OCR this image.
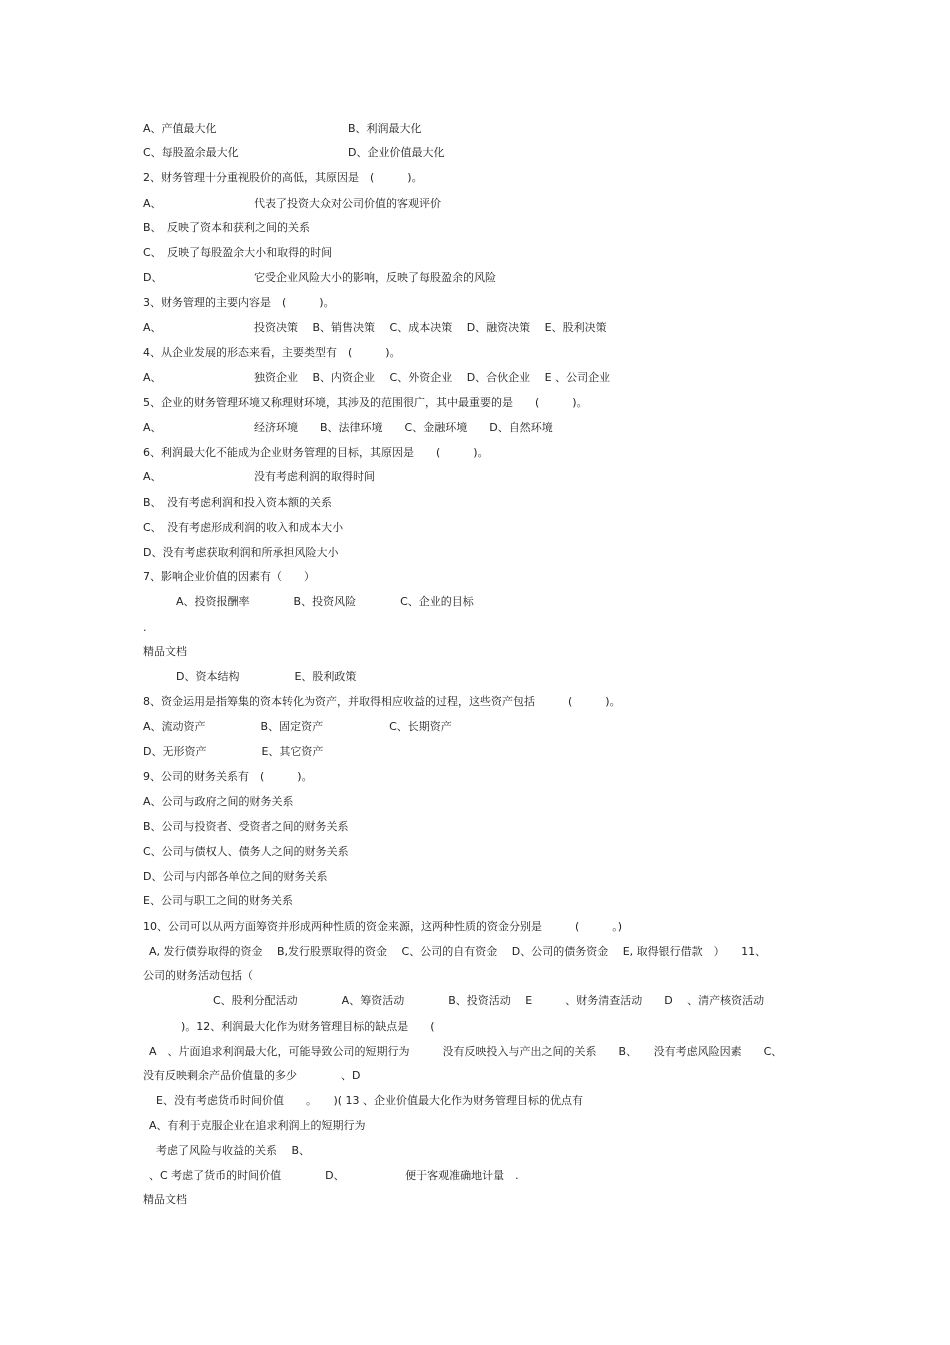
A、产值最大化	B、利润最大化
C、每股盈余最大化	D、企业价值最大化
2、财务管理十分重视股价的高低，其原因是　(　　　)。
A、	代表了投资大众对公司价值的客观评价
B、　反映了资本和获利之间的关系
C、　反映了每股盈余大小和取得的时间
D、	它受企业风险大小的影响，反映了每股盈余的风险
3、财务管理的主要内容是　(　　　)。
A、	投资决策　 B、销售决策　 C、成本决策　 D、融资决策　 E、股利决策
4、从企业发展的形态来看，主要类型有　(　　　)。
A、	独资企业　 B、内资企业　 C、外资企业　 D、合伙企业　 E 、公司企业
5、企业的财务管理环境又称理财环境，其涉及的范围很广，其中最重要的是　　(　　　)。
A、	经济环境　　B、法律环境　　C、金融环境　　D、自然环境
6、利润最大化不能成为企业财务管理的目标，其原因是　　(　　　)。
A、	没有考虑利润的取得时间
B、　没有考虑利润和投入资本额的关系
C、　没有考虑形成利润的收入和成本大小
D、没有考虑获取利润和所承担风险大小
7、影响企业价值的因素有（　　）
A、投资报酬率　　　　B、投资风险　　　　C、企业的目标
.
精品文档
D、资本结构　　　　　E、股利政策
8、资金运用是指筹集的资本转化为资产，并取得相应收益的过程，这些资产包括　　　(　　　)。
A、流动资产　　　　　B、固定资产　　　　　　C、长期资产
D、无形资产　　　　　E、其它资产
9、公司的财务关系有　(　　　)。
A、公司与政府之间的财务关系
B、公司与投资者、受资者之间的财务关系
C、公司与债权人、债务人之间的财务关系
D、公司与内部各单位之间的财务关系
E、公司与职工之间的财务关系
10、公司可以从两方面筹资并形成两种性质的资金来源，这两种性质的资金分别是　　　(　　　。)
A, 发行债券取得的资金　 B,发行股票取得的资金　 C、公司的自有资金　 D、公司的债务资金　 E, 取得银行借款　）　　11、
公司的财务活动包括（
C、股利分配活动　　　　A、筹资活动　　　　B、投资活动　 E　　　、财务清查活动　　D　 、清产核资活动
)。12、利润最大化作为财务管理目标的缺点是　　(
A　、片面追求利润最大化，可能导致公司的短期行为　　　没有反映投入与产出之间的关系　　B、　　没有考虑风险因素　　C、
没有反映剩余产品价值量的多少　　　　、D
E、没有考虑货币时间价值　　。　　)( 13 、企业价值最大化作为财务管理目标的优点有
A、有利于克服企业在追求利润上的短期行为
考虑了风险与收益的关系　 B、
、C 考虑了货币的时间价值　　　　D、　　　　　　便于客观准确地计量　.
精品文档
